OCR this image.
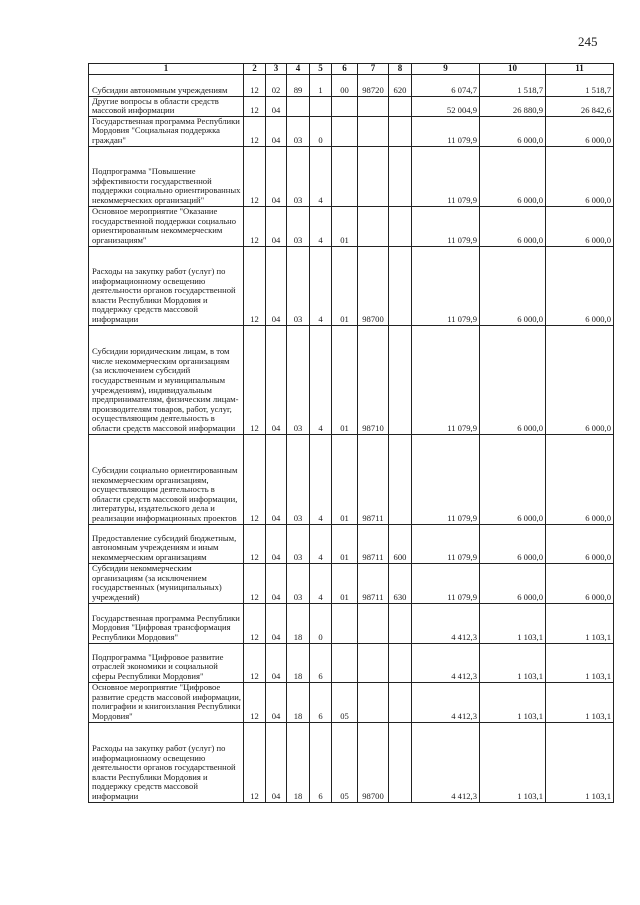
245
1	2	3	4	5	6	7	8	9	10	11
Субсидии автономным учреждениям	12	02	89	1	00	98720	620	6 074,7	1 518,7	1 518,7
Другие вопросы в области средств массовой информации	12	04						52 004,9	26 880,9	26 842,6
Государственная программа Республики Мордовия "Социальная поддержка граждан"	12	04	03	0				11 079,9	6 000,0	6 000,0
Подпрограмма "Повышение эффективности государственной поддержки социально ориентированных некоммерческих организаций"	12	04	03	4				11 079,9	6 000,0	6 000,0
Основное мероприятие "Оказание государственной поддержки социально ориентированным некоммерческим организациям"	12	04	03	4	01			11 079,9	6 000,0	6 000,0
Расходы на закупку работ (услуг) по информационному освещению деятельности органов государственной власти Республики Мордовия и поддержку средств массовой информации	12	04	03	4	01	98700		11 079,9	6 000,0	6 000,0
Субсидии юридическим лицам, в том числе некоммерческим организациям (за исключением субсидий государственным и муниципальным учреждениям), индивидуальным предпринимателям, физическим лицам- производителям товаров, работ, услуг, осуществляющим деятельность в области средств массовой информации	12	04	03	4	01	98710		11 079,9	6 000,0	6 000,0
Субсидии социально ориентированным некоммерческим организациям, осуществляющим деятельность в области средств массовой информации, литературы, издательского дела и реализации информационных проектов	12	04	03	4	01	98711		11 079,9	6 000,0	6 000,0
Предоставление субсидий бюджетным, автономным учреждениям и иным некоммерческим организациям	12	04	03	4	01	98711	600	11 079,9	6 000,0	6 000,0
Субсидии некоммерческим организациям (за исключением государственных (муниципальных) учреждений)	12	04	03	4	01	98711	630	11 079,9	6 000,0	6 000,0
Государственная программа Республики Мордовия "Цифровая трансформация Республики Мордовия"	12	04	18	0				4 412,3	1 103,1	1 103,1
Подпрограмма "Цифровое развитие отраслей экономики и социальной сферы Республики Мордовия"	12	04	18	6				4 412,3	1 103,1	1 103,1
Основное мероприятие "Цифровое развитие средств массовой информации, полиграфии и книгоизлания Республики Мордовия"	12	04	18	6	05			4 412,3	1 103,1	1 103,1
Расходы на закупку работ (услуг) по информационному освещению деятельности органов государственной власти Республики Мордовия и поддержку средств массовой информации	12	04	18	6	05	98700		4 412,3	1 103,1	1 103,1
